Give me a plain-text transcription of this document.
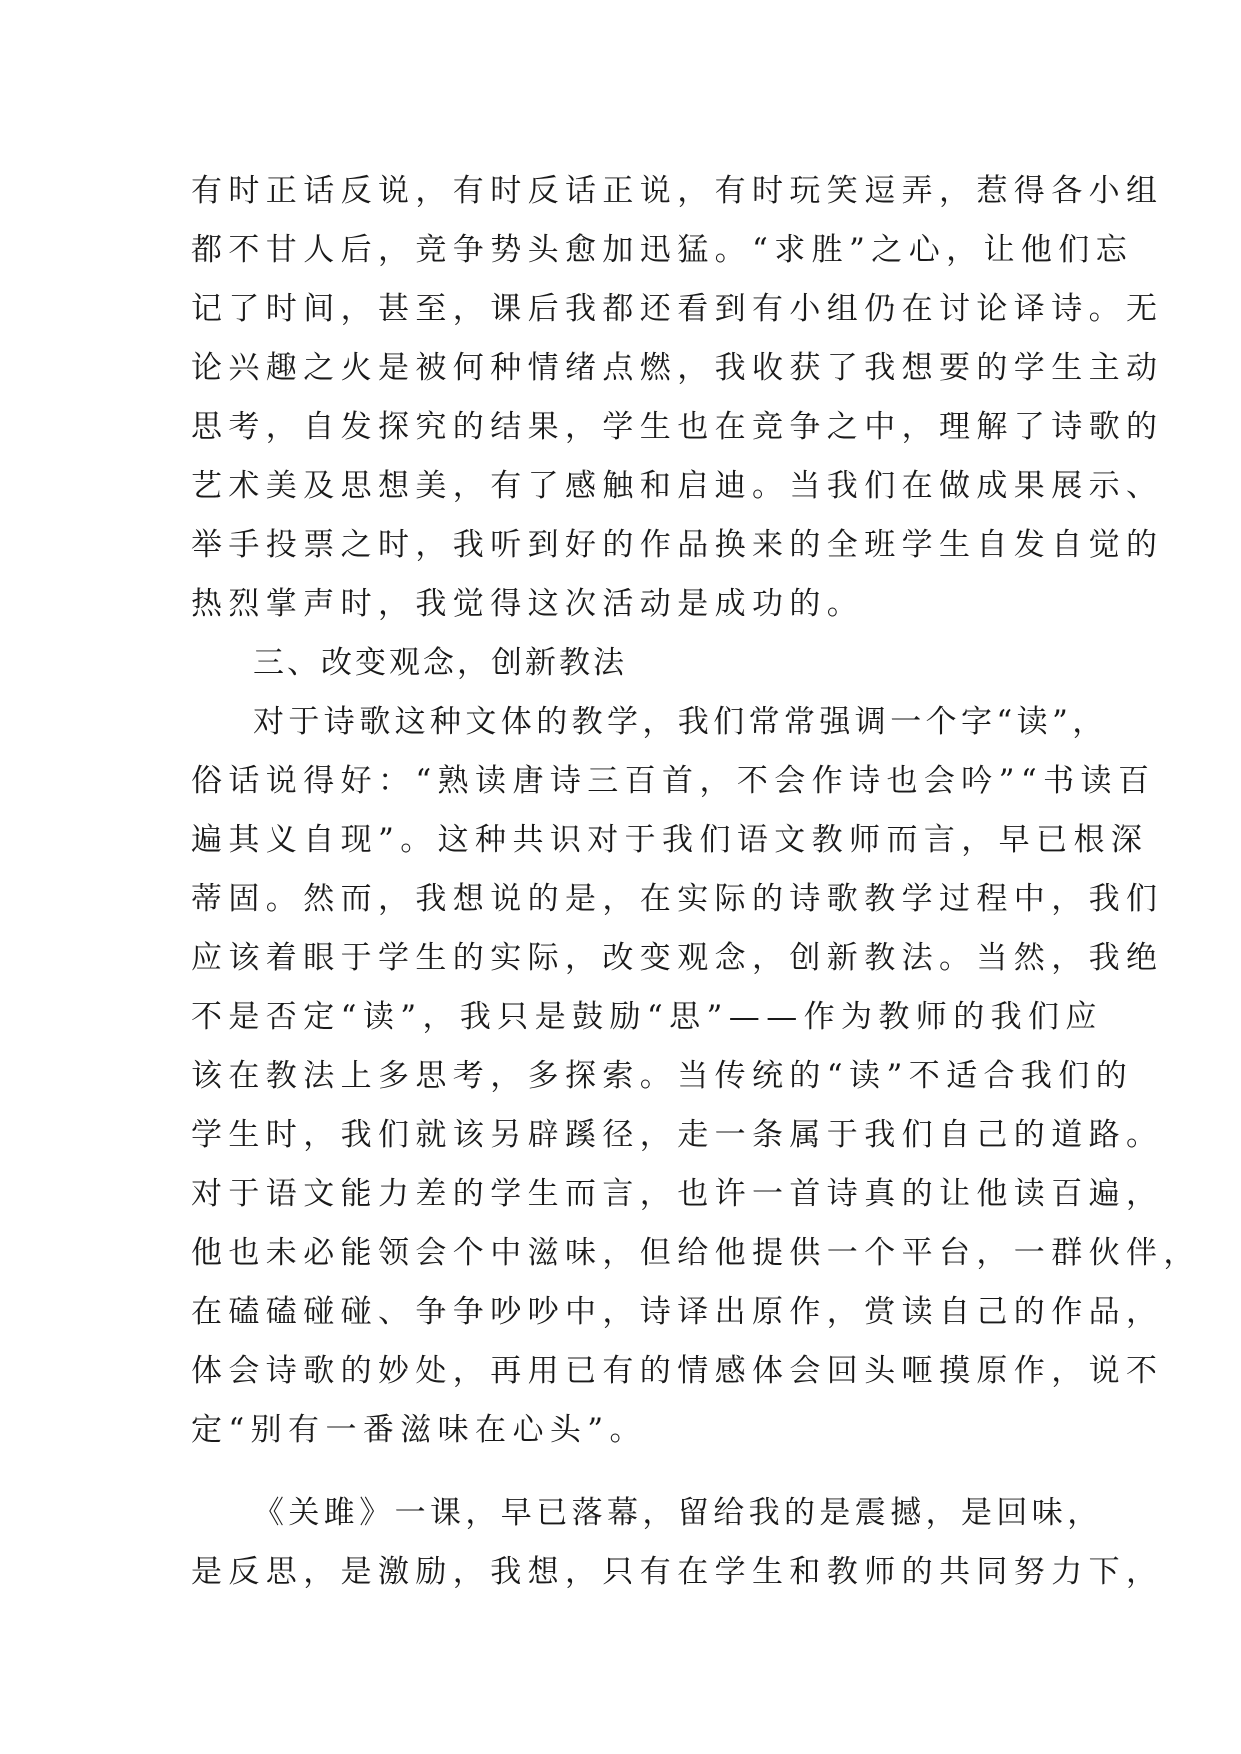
有时正话反说，有时反话正说，有时玩笑逗弄，惹得各小组
都不甘人后，竞争势头愈加迅猛。“求胜”之心，让他们忘
记了时间，甚至，课后我都还看到有小组仍在讨论译诗。无
论兴趣之火是被何种情绪点燃，我收获了我想要的学生主动
思考，自发探究的结果，学生也在竞争之中，理解了诗歌的
艺术美及思想美，有了感触和启迪。当我们在做成果展示、
举手投票之时，我听到好的作品换来的全班学生自发自觉的
热烈掌声时，我觉得这次活动是成功的。
三、改变观念，创新教法
对于诗歌这种文体的教学，我们常常强调一个字“读”，
俗话说得好：“熟读唐诗三百首，不会作诗也会吟”“书读百
遍其义自现”。这种共识对于我们语文教师而言，早已根深
蒂固。然而，我想说的是，在实际的诗歌教学过程中，我们
应该着眼于学生的实际，改变观念，创新教法。当然，我绝
不是否定“读”，我只是鼓励“思”——作为教师的我们应
该在教法上多思考，多探索。当传统的“读”不适合我们的
学生时，我们就该另辟蹊径，走一条属于我们自己的道路。
对于语文能力差的学生而言，也许一首诗真的让他读百遍，
他也未必能领会个中滋味，但给他提供一个平台，一群伙伴，
在磕磕碰碰、争争吵吵中，诗译出原作，赏读自己的作品，
体会诗歌的妙处，再用已有的情感体会回头咂摸原作，说不
定“别有一番滋味在心头”。
《关雎》一课，早已落幕，留给我的是震撼，是回味，
是反思，是激励，我想，只有在学生和教师的共同努力下，
